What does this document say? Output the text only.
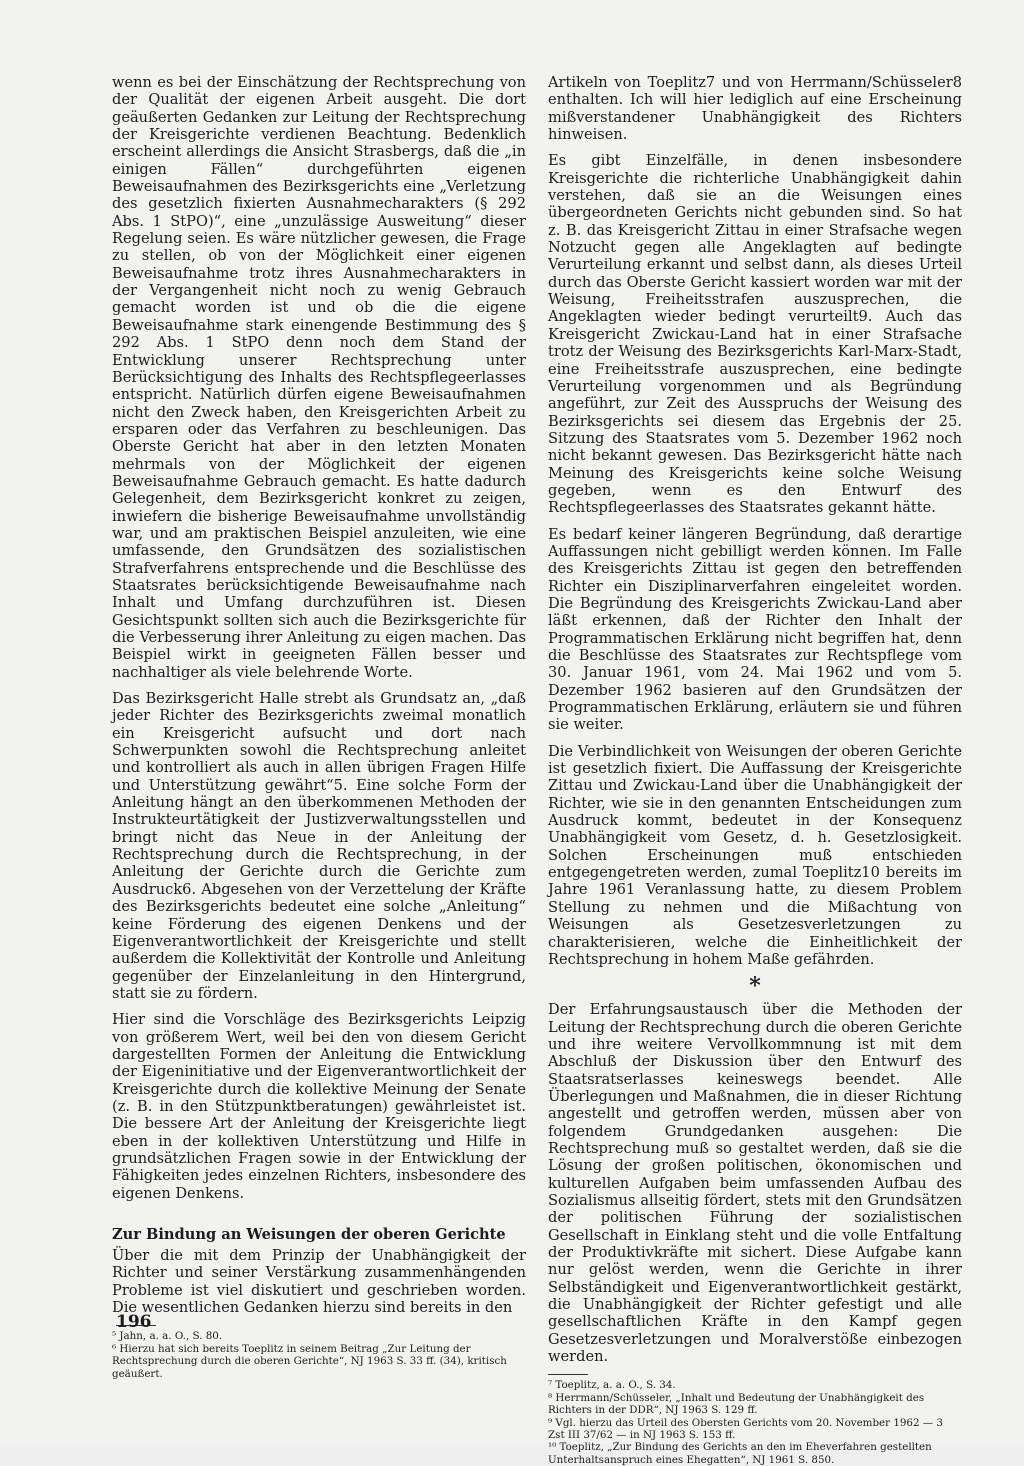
wenn es bei der Einschätzung der Rechtsprechung von der Qualität der eigenen Arbeit ausgeht. Die dort geäußerten Gedanken zur Leitung der Rechtsprechung der Kreisgerichte verdienen Beachtung. Bedenklich erscheint allerdings die Ansicht Strasbergs, daß die „in einigen Fällen“ durchgeführten eigenen Beweisaufnahmen des Bezirksgerichts eine „Verletzung des gesetzlich fixierten Ausnahmecharakters (§ 292 Abs. 1 StPO)“, eine „unzulässige Ausweitung“ dieser Regelung seien. Es wäre nützlicher gewesen, die Frage zu stellen, ob von der Möglichkeit einer eigenen Beweisaufnahme trotz ihres Ausnahmecharakters in der Vergangenheit nicht noch zu wenig Gebrauch gemacht worden ist und ob die die eigene Beweisaufnahme stark einengende Bestimmung des § 292 Abs. 1 StPO denn noch dem Stand der Entwicklung unserer Rechtsprechung unter Berücksichtigung des Inhalts des Rechtspflegeerlasses entspricht. Natürlich dürfen eigene Beweisaufnahmen nicht den Zweck haben, den Kreisgerichten Arbeit zu ersparen oder das Verfahren zu beschleunigen. Das Oberste Gericht hat aber in den letzten Monaten mehrmals von der Möglichkeit der eigenen Beweisaufnahme Gebrauch gemacht. Es hatte dadurch Gelegenheit, dem Bezirksgericht konkret zu zeigen, inwiefern die bisherige Beweisaufnahme unvollständig war, und am praktischen Beispiel anzuleiten, wie eine umfassende, den Grundsätzen des sozialistischen Strafverfahrens entsprechende und die Beschlüsse des Staatsrates berücksichtigende Beweisaufnahme nach Inhalt und Umfang durchzuführen ist. Diesen Gesichtspunkt sollten sich auch die Bezirksgerichte für die Verbesserung ihrer Anleitung zu eigen machen. Das Beispiel wirkt in geeigneten Fällen besser und nachhaltiger als viele belehrende Worte.

Das Bezirksgericht Halle strebt als Grundsatz an, „daß jeder Richter des Bezirksgerichts zweimal monatlich ein Kreisgericht aufsucht und dort nach Schwerpunkten sowohl die Rechtsprechung anleitet und kontrolliert als auch in allen übrigen Fragen Hilfe und Unterstützung gewährt“5. Eine solche Form der Anleitung hängt an den überkommenen Methoden der Instrukteurtätigkeit der Justizverwaltungsstellen und bringt nicht das Neue in der Anleitung der Rechtsprechung durch die Rechtsprechung, in der Anleitung der Gerichte durch die Gerichte zum Ausdruck6. Abgesehen von der Verzettelung der Kräfte des Bezirksgerichts bedeutet eine solche „Anleitung“ keine Förderung des eigenen Denkens und der Eigenverantwortlichkeit der Kreisgerichte und stellt außerdem die Kollektivität der Kontrolle und Anleitung gegenüber der Einzelanleitung in den Hintergrund, statt sie zu fördern.

Hier sind die Vorschläge des Bezirksgerichts Leipzig von größerem Wert, weil bei den von diesem Gericht dargestellten Formen der Anleitung die Entwicklung der Eigeninitiative und der Eigenverantwortlichkeit der Kreisgerichte durch die kollektive Meinung der Senate (z. B. in den Stützpunktberatungen) gewährleistet ist. Die bessere Art der Anleitung der Kreisgerichte liegt eben in der kollektiven Unterstützung und Hilfe in grundsätzlichen Fragen sowie in der Entwicklung der Fähigkeiten jedes einzelnen Richters, insbesondere des eigenen Denkens.

Zur Bindung an Weisungen der oberen Gerichte

Über die mit dem Prinzip der Unabhängigkeit der Richter und seiner Verstärkung zusammenhängenden Probleme ist viel diskutiert und geschrieben worden. Die wesentlichen Gedanken hierzu sind bereits in den

⁵ Jahn, a. a. O., S. 80.

⁶ Hierzu hat sich bereits Toeplitz in seinem Beitrag „Zur Leitung der Rechtsprechung durch die oberen Gerichte“, NJ 1963 S. 33 ff. (34), kritisch geäußert.

Artikeln von Toeplitz7 und von Herrmann/Schüsseler8 enthalten. Ich will hier lediglich auf eine Erscheinung mißverstandener Unabhängigkeit des Richters hinweisen.

Es gibt Einzelfälle, in denen insbesondere Kreisgerichte die richterliche Unabhängigkeit dahin verstehen, daß sie an die Weisungen eines übergeordneten Gerichts nicht gebunden sind. So hat z. B. das Kreisgericht Zittau in einer Strafsache wegen Notzucht gegen alle Angeklagten auf bedingte Verurteilung erkannt und selbst dann, als dieses Urteil durch das Oberste Gericht kassiert worden war mit der Weisung, Freiheitsstrafen auszusprechen, die Angeklagten wieder bedingt verurteilt9. Auch das Kreisgericht Zwickau-Land hat in einer Strafsache trotz der Weisung des Bezirksgerichts Karl-Marx-Stadt, eine Freiheitsstrafe auszusprechen, eine bedingte Verurteilung vorgenommen und als Begründung angeführt, zur Zeit des Ausspruchs der Weisung des Bezirksgerichts sei diesem das Ergebnis der 25. Sitzung des Staatsrates vom 5. Dezember 1962 noch nicht bekannt gewesen. Das Bezirksgericht hätte nach Meinung des Kreisgerichts keine solche Weisung gegeben, wenn es den Entwurf des Rechtspflegeerlasses des Staatsrates gekannt hätte.

Es bedarf keiner längeren Begründung, daß derartige Auffassungen nicht gebilligt werden können. Im Falle des Kreisgerichts Zittau ist gegen den betreffenden Richter ein Disziplinarverfahren eingeleitet worden. Die Begründung des Kreisgerichts Zwickau-Land aber läßt erkennen, daß der Richter den Inhalt der Programmatischen Erklärung nicht begriffen hat, denn die Beschlüsse des Staatsrates zur Rechtspflege vom 30. Januar 1961, vom 24. Mai 1962 und vom 5. Dezember 1962 basieren auf den Grundsätzen der Programmatischen Erklärung, erläutern sie und führen sie weiter.

Die Verbindlichkeit von Weisungen der oberen Gerichte ist gesetzlich fixiert. Die Auffassung der Kreisgerichte Zittau und Zwickau-Land über die Unabhängigkeit der Richter, wie sie in den genannten Entscheidungen zum Ausdruck kommt, bedeutet in der Konsequenz Unabhängigkeit vom Gesetz, d. h. Gesetzlosigkeit. Solchen Erscheinungen muß entschieden entgegengetreten werden, zumal Toeplitz10 bereits im Jahre 1961 Veranlassung hatte, zu diesem Problem Stellung zu nehmen und die Mißachtung von Weisungen als Gesetzesverletzungen zu charakterisieren, welche die Einheitlichkeit der Rechtsprechung in hohem Maße gefährden.

*

Der Erfahrungsaustausch über die Methoden der Leitung der Rechtsprechung durch die oberen Gerichte und ihre weitere Vervollkommnung ist mit dem Abschluß der Diskussion über den Entwurf des Staatsratserlasses keineswegs beendet. Alle Überlegungen und Maßnahmen, die in dieser Richtung angestellt und getroffen werden, müssen aber von folgendem Grundgedanken ausgehen: Die Rechtsprechung muß so gestaltet werden, daß sie die Lösung der großen politischen, ökonomischen und kulturellen Aufgaben beim umfassenden Aufbau des Sozialismus allseitig fördert, stets mit den Grundsätzen der politischen Führung der sozialistischen Gesellschaft in Einklang steht und die volle Entfaltung der Produktivkräfte mit sichert. Diese Aufgabe kann nur gelöst werden, wenn die Gerichte in ihrer Selbständigkeit und Eigenverantwortlichkeit gestärkt, die Unabhängigkeit der Richter gefestigt und alle gesellschaftlichen Kräfte in den Kampf gegen Gesetzesverletzungen und Moralverstöße einbezogen werden.

⁷ Toeplitz, a. a. O., S. 34.

⁸ Herrmann/Schüsseler, „Inhalt und Bedeutung der Unabhängigkeit des Richters in der DDR“, NJ 1963 S. 129 ff.

⁹ Vgl. hierzu das Urteil des Obersten Gerichts vom 20. November 1962 — 3 Zst III 37/62 — in NJ 1963 S. 153 ff.

¹⁰ Toeplitz, „Zur Bindung des Gerichts an den im Eheverfahren gestellten Unterhaltsanspruch eines Ehegatten“, NJ 1961 S. 850.

196
